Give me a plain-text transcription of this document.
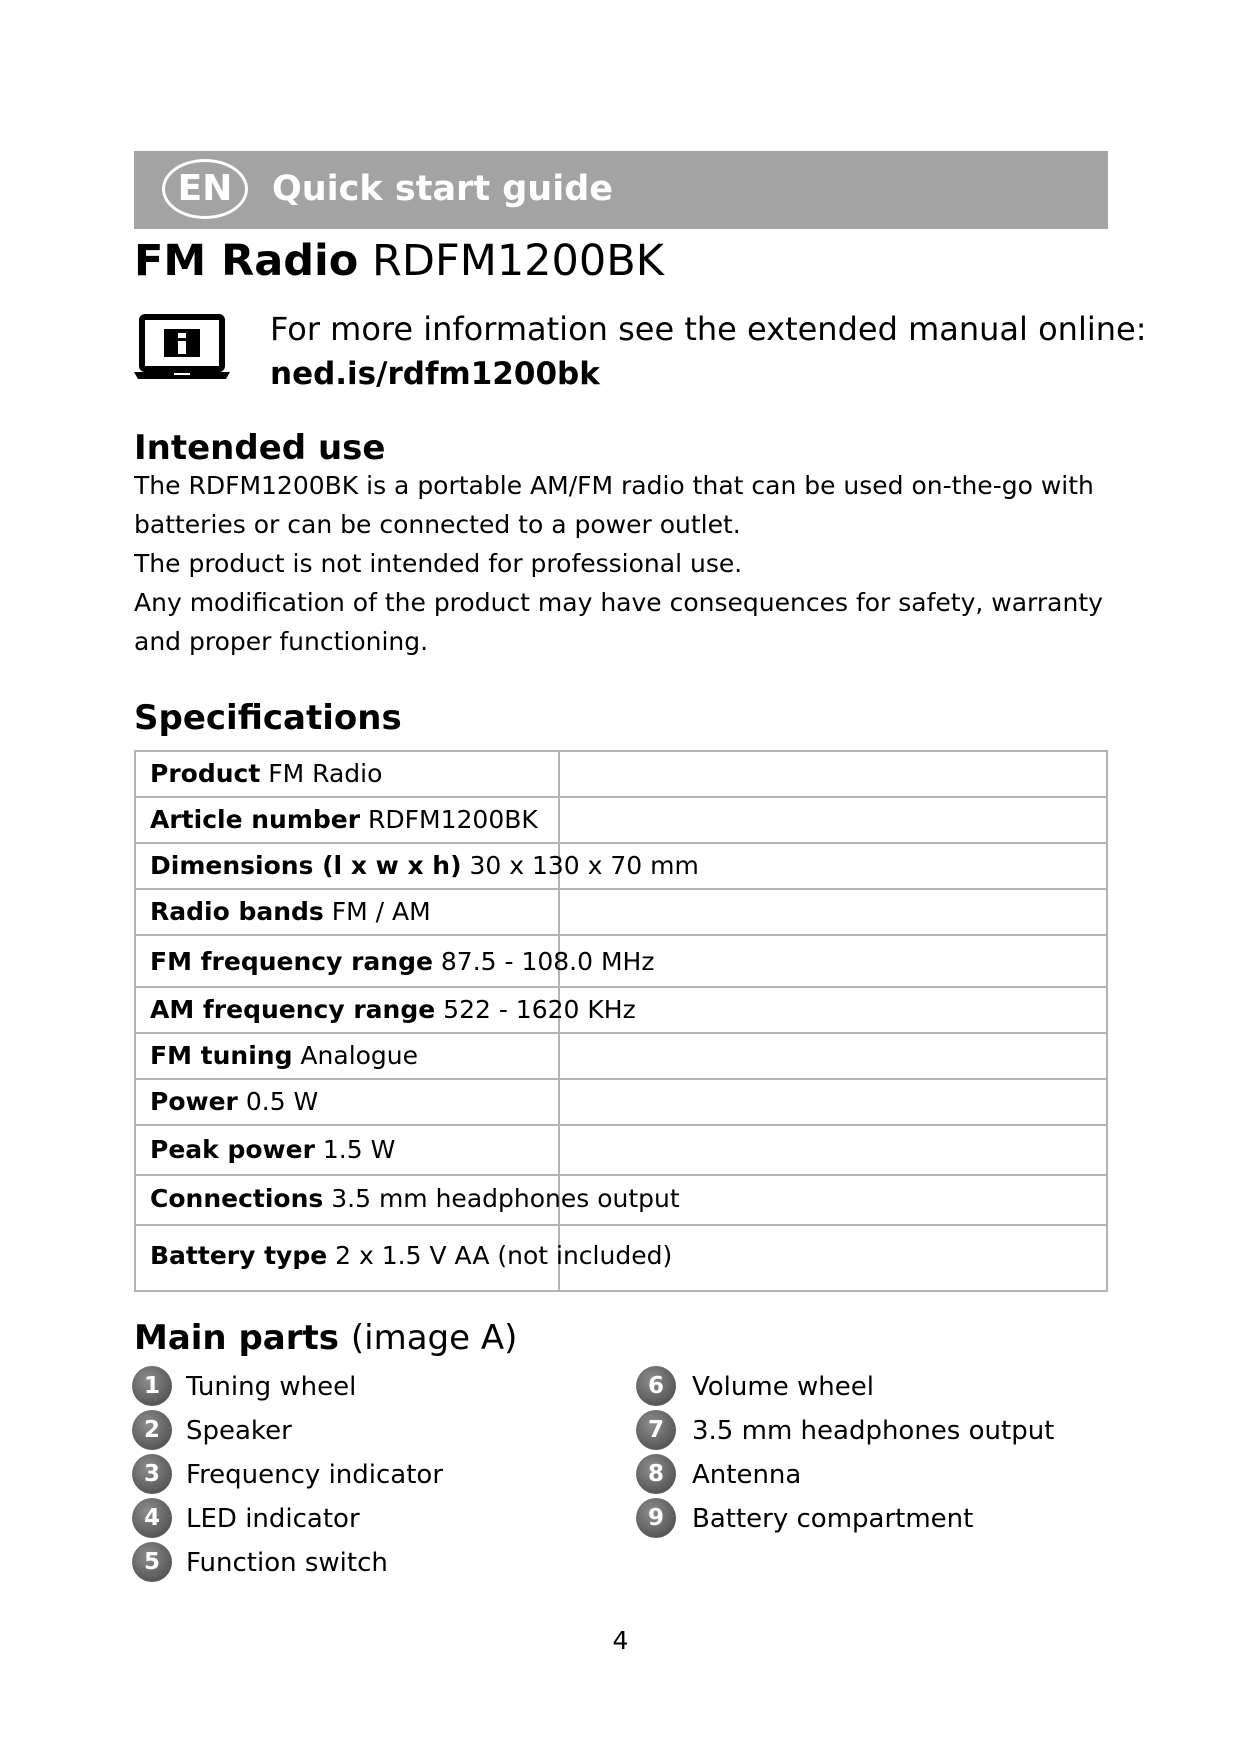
EN	Quick start guide
FM Radio RDFM1200BK
For more information see the extended manual online:
ned.is/rdfm1200bk
Intended use

The RDFM1200BK is a portable AM/FM radio that can be used on-the-go with
batteries or can be connected to a power outlet.

The product is not intended for professional use.

Any modification of the product may have consequences for safety, warranty
and proper functioning.

Specifications
Product FM Radio
Article number RDFM1200BK
Dimensions (l x w x h) 30 x 130 x 70 mm
Radio bands FM / AM
FM frequency range 87.5 - 108.0 MHz
AM frequency range 522 - 1620 KHz
FM tuning Analogue
Power 0.5 W
Peak power 1.5 W
Connections 3.5 mm headphones output
Battery type 2 x 1.5 V AA (not included)
Main parts (image A)
1	Tuning wheel
2	Speaker
3	Frequency indicator
4	LED indicator
5	Function switch
6	Volume wheel
7	3.5 mm headphones output
8	Antenna
9	Battery compartment
4
